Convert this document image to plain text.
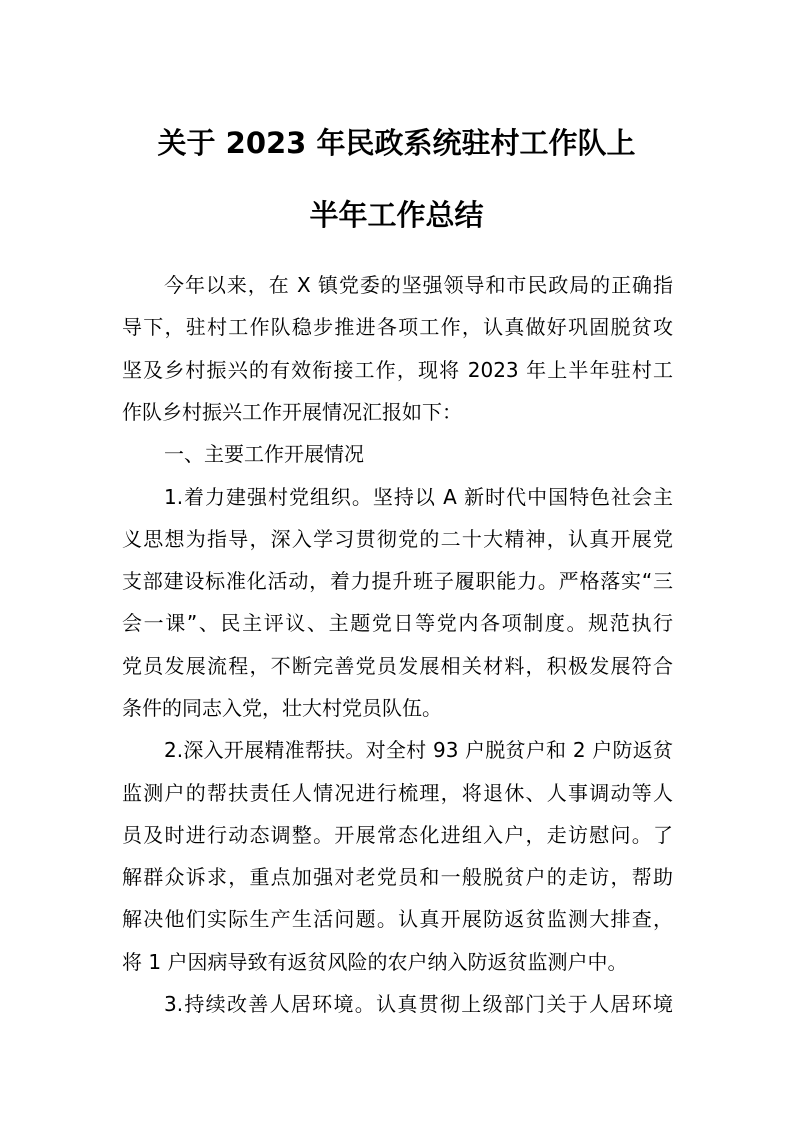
关于 2023 年民政系统驻村工作队上
半年工作总结
今年以来，在 X 镇党委的坚强领导和市民政局的正确指
导下，驻村工作队稳步推进各项工作，认真做好巩固脱贫攻
坚及乡村振兴的有效衔接工作，现将 2023 年上半年驻村工
作队乡村振兴工作开展情况汇报如下：
一、主要工作开展情况
1.着力建强村党组织。坚持以 A 新时代中国特色社会主
义思想为指导，深入学习贯彻党的二十大精神，认真开展党
支部建设标准化活动，着力提升班子履职能力。严格落实“三
会一课”、民主评议、主题党日等党内各项制度。规范执行
党员发展流程，不断完善党员发展相关材料，积极发展符合
条件的同志入党，壮大村党员队伍。
2.深入开展精准帮扶。对全村 93 户脱贫户和 2 户防返贫
监测户的帮扶责任人情况进行梳理，将退休、人事调动等人
员及时进行动态调整。开展常态化进组入户，走访慰问。了
解群众诉求，重点加强对老党员和一般脱贫户的走访，帮助
解决他们实际生产生活问题。认真开展防返贫监测大排查，
将 1 户因病导致有返贫风险的农户纳入防返贫监测户中。
3.持续改善人居环境。认真贯彻上级部门关于人居环境
